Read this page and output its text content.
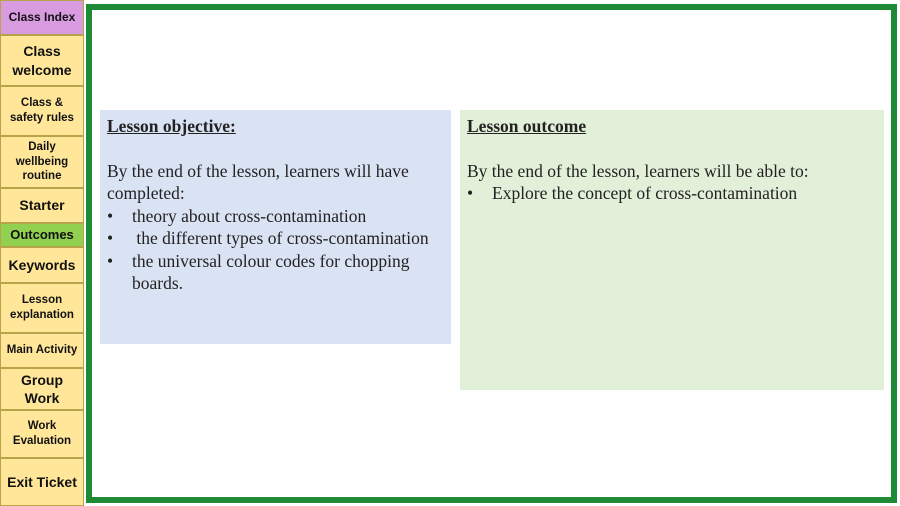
Class Index
Class welcome
Class & safety rules
Daily wellbeing routine
Starter
Outcomes
Keywords
Lesson explanation
Main Activity
Group Work
Work Evaluation
Exit Ticket
Lesson objective:

By the end of the lesson, learners will have completed:

• theory about cross-contamination
•  the different types of cross-contamination
• the universal colour codes for chopping boards.
Lesson outcome

By the end of the lesson, learners will be able to:

• Explore the concept of cross-contamination
